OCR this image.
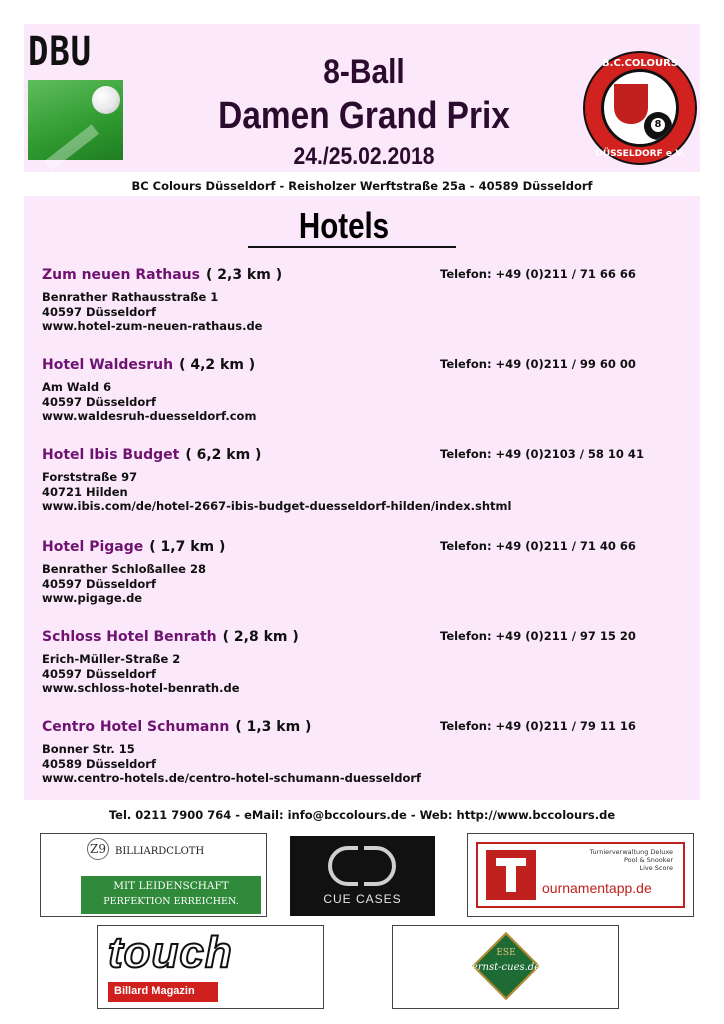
DBU	8-Ball
Damen Grand Prix
24./25.02.2018
B.C.COLOURS
8
DÜSSELDORF e.V.
BC Colours Düsseldorf - Reisholzer Werftstraße 25a - 40589 Düsseldorf
Hotels
Zum neuen Rathaus ( 2,3 km )	Telefon: +49 (0)211 / 71 66 66
Benrather Rathausstraße 1
40597 Düsseldorf
www.hotel-zum-neuen-rathaus.de
Hotel Waldesruh ( 4,2 km )	Telefon: +49 (0)211 / 99 60 00
Am Wald 6
40597 Düsseldorf
www.waldesruh-duesseldorf.com
Hotel Ibis Budget ( 6,2 km )	Telefon: +49 (0)2103 / 58 10 41
Forststraße 97
40721 Hilden
www.ibis.com/de/hotel-2667-ibis-budget-duesseldorf-hilden/index.shtml
Hotel Pigage ( 1,7 km )	Telefon: +49 (0)211 / 71 40 66
Benrather Schloßallee 28
40597 Düsseldorf
www.pigage.de
Schloss Hotel Benrath ( 2,8 km )	Telefon: +49 (0)211 / 97 15 20
Erich-Müller-Straße 2
40597 Düsseldorf
www.schloss-hotel-benrath.de
Centro Hotel Schumann ( 1,3 km )	Telefon: +49 (0)211 / 79 11 16
Bonner Str. 15
40589 Düsseldorf
www.centro-hotels.de/centro-hotel-schumann-duesseldorf
Tel. 0211 7900 764 - eMail: info@bccolours.de - Web: http://www.bccolours.de
Z9 BILLIARDCLOTH
MIT LEIDENSCHAFT
PERFEKTION ERREICHEN.	CUE CASES
Turnierverwaltung Deluxe
Pool & Snooker
Live Score
ournamentapp.de
touch
Billard Magazin
ESE
ernst-cues.de
